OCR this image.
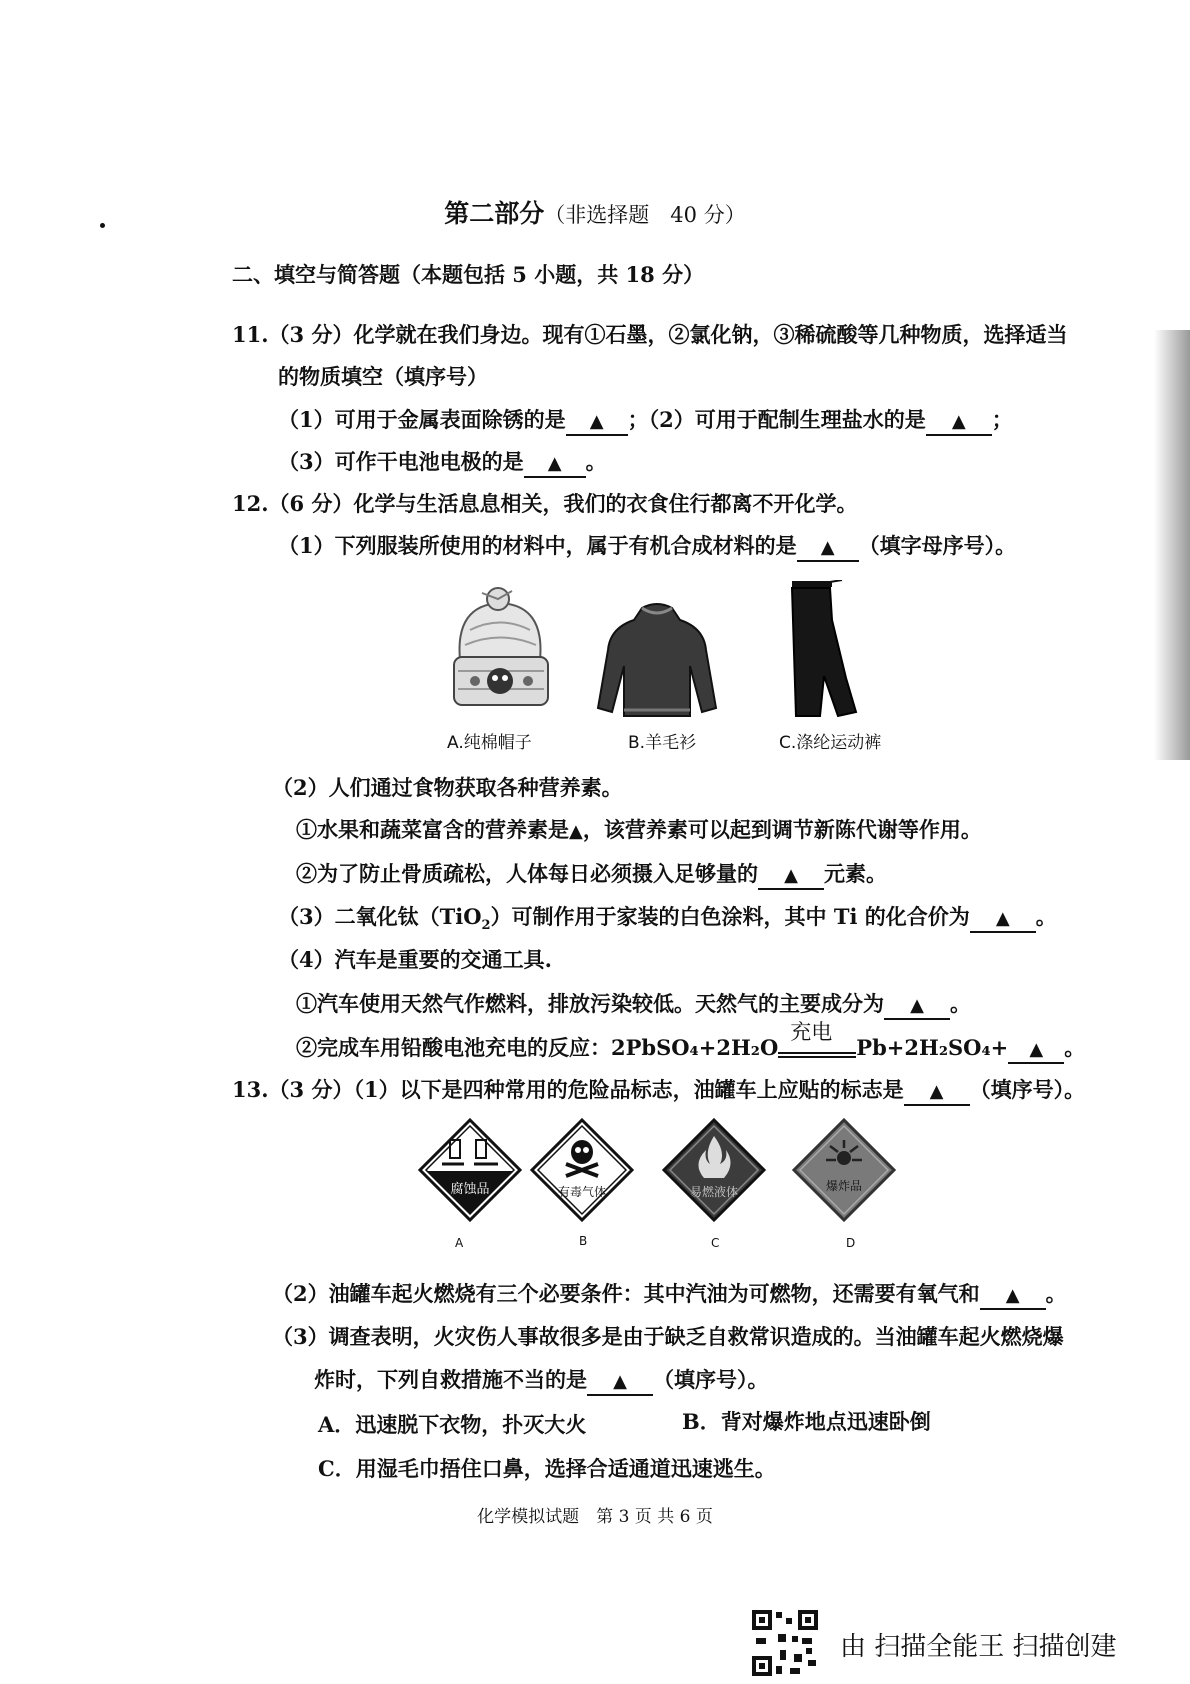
第二部分（非选择题　40 分）
二、填空与简答题（本题包括 5 小题，共 18 分）
11.（3 分）化学就在我们身边。现有①石墨，②氯化钠，③稀硫酸等几种物质，选择适当
的物质填空（填序号）
（1）可用于金属表面除锈的是 ▲ ；（2）可用于配制生理盐水的是 ▲ ；
（3）可作干电池电极的是 ▲ 。
12.（6 分）化学与生活息息相关，我们的衣食住行都离不开化学。
（1）下列服装所使用的材料中，属于有机合成材料的是 ▲ （填字母序号）。
A.纯棉帽子	B.羊毛衫	C.涤纶运动裤
（2）人们通过食物获取各种营养素。
①水果和蔬菜富含的营养素是▲，该营养素可以起到调节新陈代谢等作用。
②为了防止骨质疏松，人体每日必须摄入足够量的 ▲ 元素。
（3）二氧化钛（TiO$_2$）可制作用于家装的白色涂料，其中 Ti 的化合价为 ▲ 。
（4）汽车是重要的交通工具.
①汽车使用天然气作燃料，排放污染较低。天然气的主要成分为 ▲ 。
②完成车用铅酸电池充电的反应：2PbSO₄+2H₂O
充电
Pb+2H₂SO₄+ ▲ 。
13.（3 分）（1）以下是四种常用的危险品标志，油罐车上应贴的标志是 ▲ （填序号）。
腐蚀品	有毒气体	易燃液体	爆炸品
A	B	C	D
（2）油罐车起火燃烧有三个必要条件：其中汽油为可燃物，还需要有氧气和 ▲ 。
（3）调查表明，火灾伤人事故很多是由于缺乏自救常识造成的。当油罐车起火燃烧爆
炸时，下列自救措施不当的是 ▲ （填序号）。
A．迅速脱下衣物，扑灭大火	B．背对爆炸地点迅速卧倒
C．用湿毛巾捂住口鼻，选择合适通道迅速逃生。
化学模拟试题　第 3 页 共 6 页
由 扫描全能王 扫描创建
